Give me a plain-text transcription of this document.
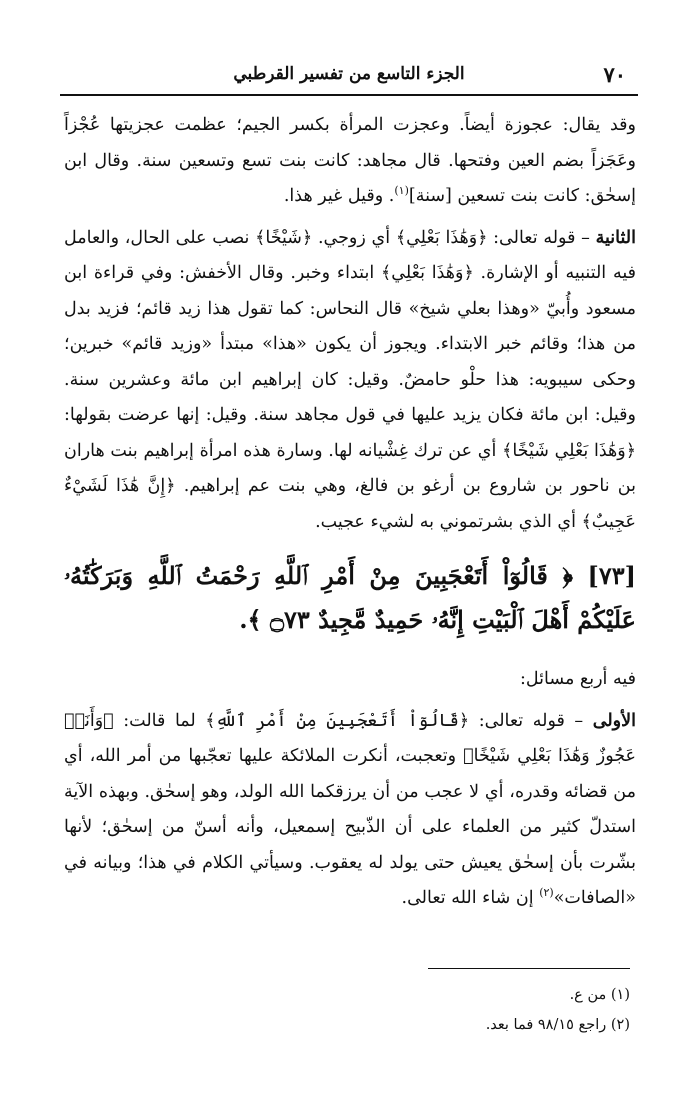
٧٠
الجزء التاسع من تفسير القرطبي

وقد يقال: عجوزة أيضاً. وعجزت المرأة بكسر الجيم؛ عظمت عجزيتها عُجْزاً وعَجَزاً بضم العين وفتحها. قال مجاهد: كانت بنت تسع وتسعين سنة. وقال ابن إسحٰق: كانت بنت تسعين [سنة]$^{(١)}$. وقيل غير هذا.

الثانية – قوله تعالى: ﴿وَهَٰذَا بَعْلِي﴾ أي زوجي. ﴿شَيْخًا﴾ نصب على الحال، والعامل فيه التنبيه أو الإشارة. ﴿وَهَٰذَا بَعْلِي﴾ ابتداء وخبر. وقال الأخفش: وفي قراءة ابن مسعود وأُبيّ «وهذا بعلي شيخ» قال النحاس: كما تقول هذا زيد قائم؛ فزيد بدل من هذا؛ وقائم خبر الابتداء. ويجوز أن يكون «هذا» مبتدأ «وزيد قائم» خبرين؛ وحكى سيبويه: هذا حلْو حامضٌ. وقيل: كان إبراهيم ابن مائة وعشرين سنة. وقيل: ابن مائة فكان يزيد عليها في قول مجاهد سنة. وقيل: إنها عرضت بقولها: ﴿وَهَٰذَا بَعْلِي شَيْخًا﴾ أي عن ترك غِشْيانه لها. وسارة هذه امرأة إبراهيم بنت هاران بن ناحور بن شاروع بن أرغو بن فالغ، وهي بنت عم إبراهيم. ﴿إِنَّ هَٰذَا لَشَيْءٌ عَجِيبٌ﴾ أي الذي بشرتموني به لشيء عجيب.

[٧٣] ﴿ قَالُوٓاْ أَتَعْجَبِينَ مِنْ أَمْرِ ٱللَّهِ رَحْمَتُ ٱللَّهِ وَبَرَكَٰتُهُۥ عَلَيْكُمْ أَهْلَ ٱلْبَيْتِ إِنَّهُۥ حَمِيدٌ مَّجِيدٌ ۝٧٣ ﴾.

فيه أربع مسائل:

الأولى – قوله تعالى: ﴿قَالُوٓاْ أَتَعْجَبِينَ مِنْ أَمْرِ ٱللَّهِ﴾ لما قالت: ﴿وَأَنَا۠ عَجُوزٌ وَهَٰذَا بَعْلِي شَيْخًا﴾ وتعجبت، أنكرت الملائكة عليها تعجّبها من أمر الله، أي من قضائه وقدره، أي لا عجب من أن يرزقكما الله الولد، وهو إسحٰق. وبهذه الآية استدلّ كثير من العلماء على أن الذّبيح إسمعيل، وأنه أسنّ من إسحٰق؛ لأنها بشّرت بأن إسحٰق يعيش حتى يولد له يعقوب. وسيأتي الكلام في هذا؛ وبيانه في «الصافات»$^{(٢)}$ إن شاء الله تعالى.

(١) من ع.

(٢) راجع ٩٨/١٥ فما بعد.
